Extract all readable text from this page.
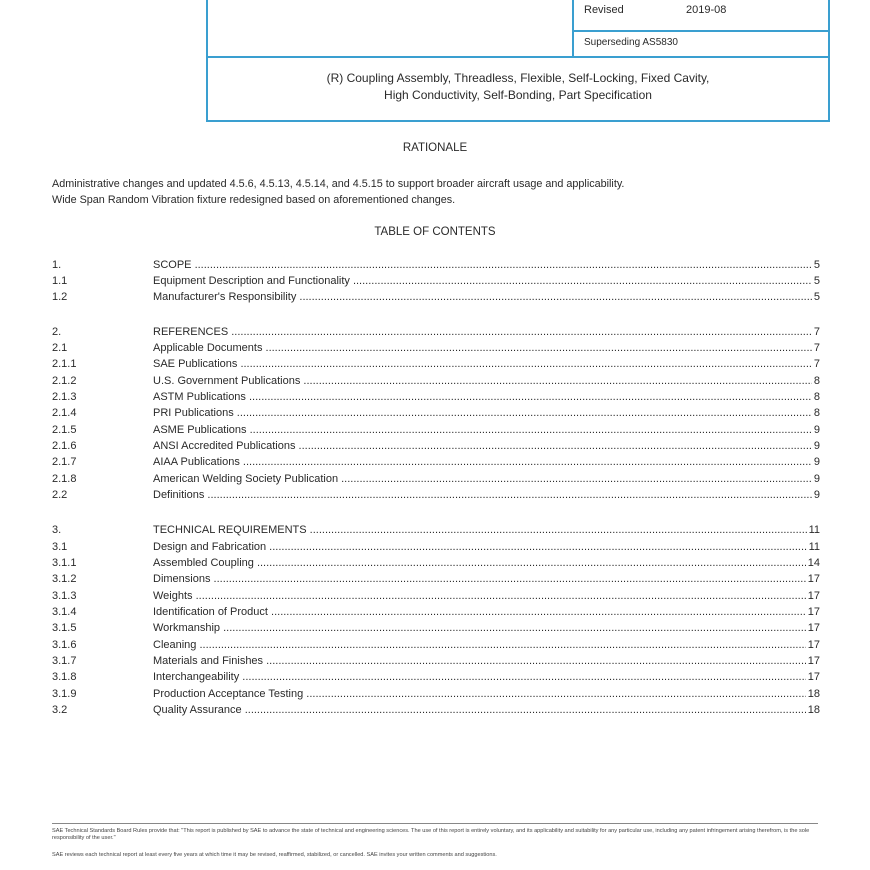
Revised	2019-08
Superseding AS5830
(R) Coupling Assembly, Threadless, Flexible, Self-Locking, Fixed Cavity,
High Conductivity, Self-Bonding, Part Specification
RATIONALE
Administrative changes and updated 4.5.6, 4.5.13, 4.5.14, and 4.5.15 to support broader aircraft usage and applicability.
Wide Span Random Vibration fixture redesigned based on aforementioned changes.
TABLE OF CONTENTS
1.	SCOPE .....	5
1.1	Equipment Description and Functionality .....	5
1.2	Manufacturer's Responsibility .....	5
2.	REFERENCES .....	7
2.1	Applicable Documents .....	7
2.1.1	SAE Publications .....	7
2.1.2	U.S. Government Publications .....	8
2.1.3	ASTM Publications .....	8
2.1.4	PRI Publications .....	8
2.1.5	ASME Publications .....	9
2.1.6	ANSI Accredited Publications .....	9
2.1.7	AIAA Publications .....	9
2.1.8	American Welding Society Publication .....	9
2.2	Definitions .....	9
3.	TECHNICAL REQUIREMENTS .....	11
3.1	Design and Fabrication .....	11
3.1.1	Assembled Coupling .....	14
3.1.2	Dimensions .....	17
3.1.3	Weights .....	17
3.1.4	Identification of Product .....	17
3.1.5	Workmanship .....	17
3.1.6	Cleaning .....	17
3.1.7	Materials and Finishes .....	17
3.1.8	Interchangeability .....	17
3.1.9	Production Acceptance Testing .....	18
3.2	Quality Assurance .....	18
SAE Technical Standards Board Rules provide that: "This report is published by SAE to advance the state of technical and engineering sciences. The use of this report is entirely voluntary, and its applicability and suitability for any particular use, including any patent infringement arising therefrom, is the sole responsibility of the user."
SAE reviews each technical report at least every five years at which time it may be revised, reaffirmed, stabilized, or cancelled. SAE invites your written comments and suggestions.
